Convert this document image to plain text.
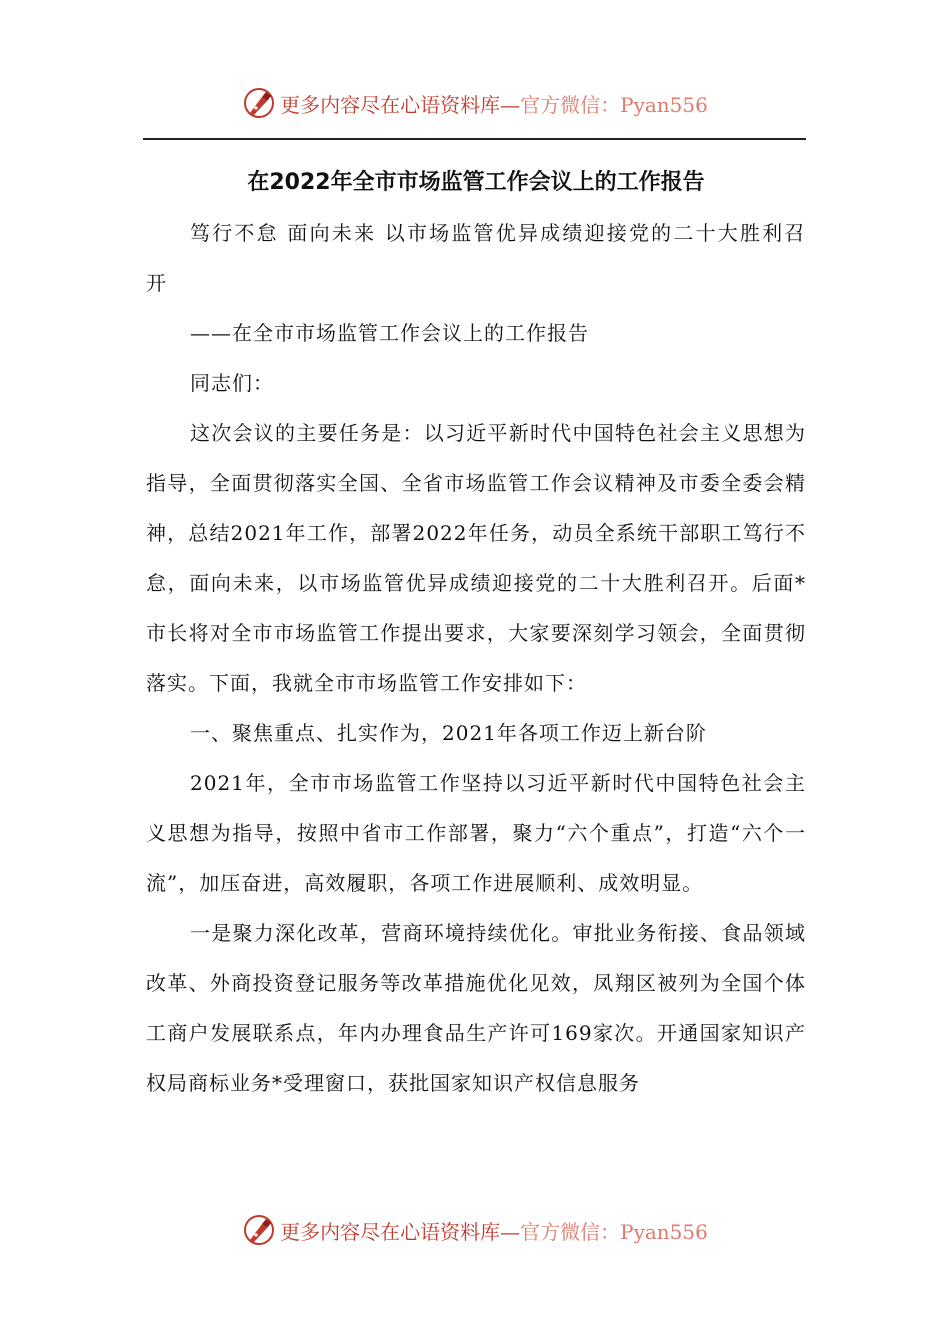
更多内容尽在心语资料库—官方微信：Pyan556
在2022年全市市场监管工作会议上的工作报告

笃行不怠 面向未来 以市场监管优异成绩迎接党的二十大胜利召开

——在全市市场监管工作会议上的工作报告

同志们：

这次会议的主要任务是：以习近平新时代中国特色社会主义思想为指导，全面贯彻落实全国、全省市场监管工作会议精神及市委全委会精神，总结2021年工作，部署2022年任务，动员全系统干部职工笃行不怠，面向未来，以市场监管优异成绩迎接党的二十大胜利召开。后面*市长将对全市市场监管工作提出要求，大家要深刻学习领会，全面贯彻落实。下面，我就全市市场监管工作安排如下：

一、聚焦重点、扎实作为，2021年各项工作迈上新台阶

2021年，全市市场监管工作坚持以习近平新时代中国特色社会主义思想为指导，按照中省市工作部署，聚力“六个重点”，打造“六个一流”，加压奋进，高效履职，各项工作进展顺利、成效明显。

一是聚力深化改革，营商环境持续优化。审批业务衔接、食品领域改革、外商投资登记服务等改革措施优化见效，凤翔区被列为全国个体工商户发展联系点，年内办理食品生产许可169家次。开通国家知识产权局商标业务*受理窗口，获批国家知识产权信息服务

更多内容尽在心语资料库—官方微信：Pyan556
